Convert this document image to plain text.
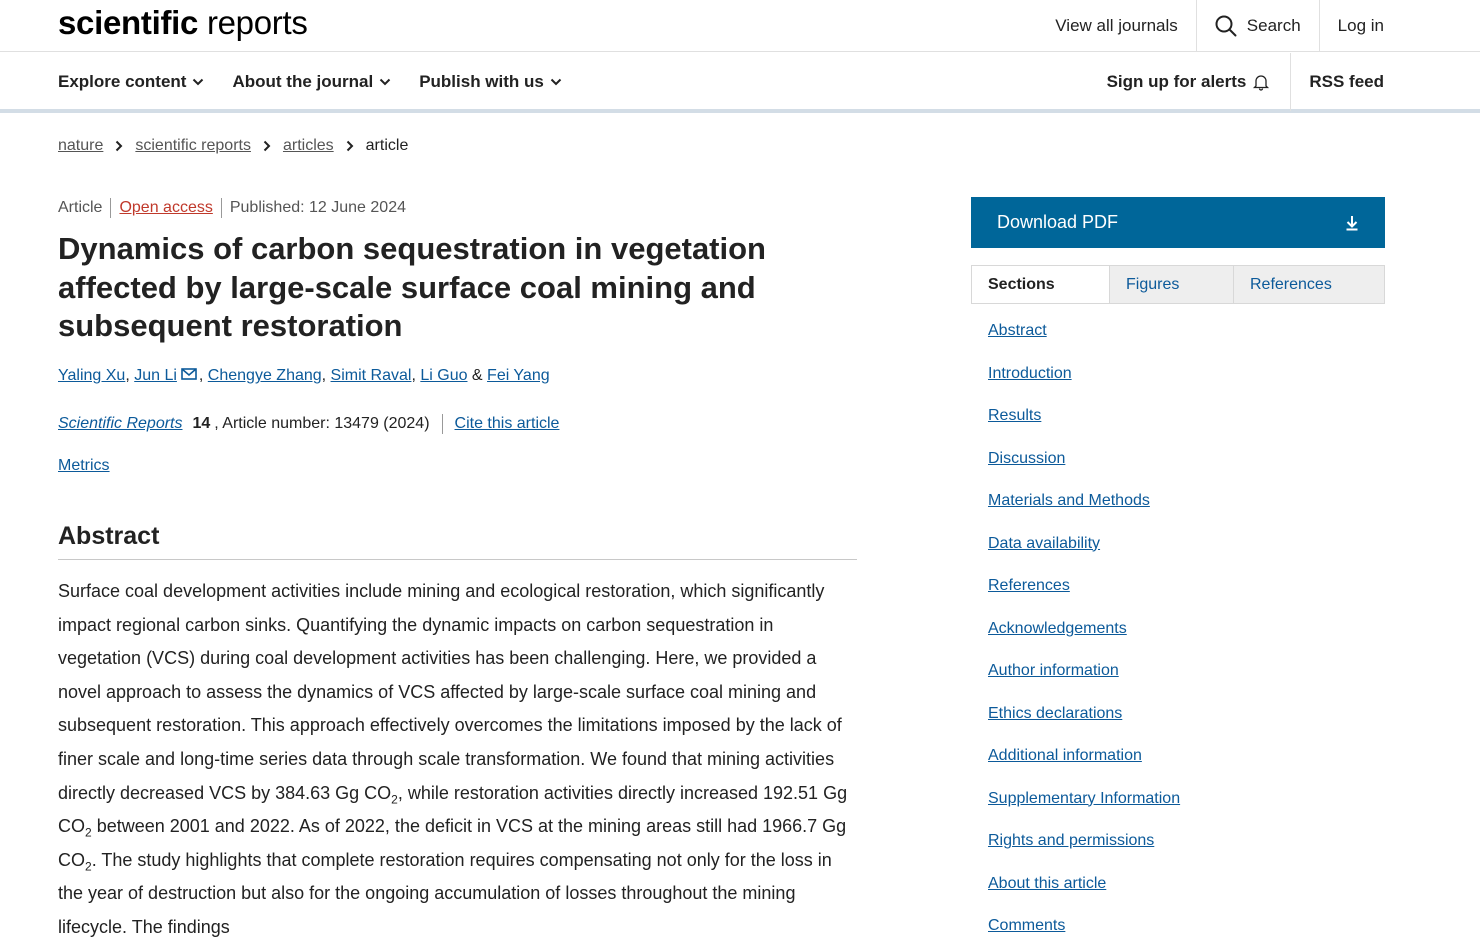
scientific reports	View all journals	Search	Log in
Explore content	About the journal	Publish with us	Sign up for alerts	RSS feed
nature scientific reports articles article
Article Open access Published: 12 June 2024
Dynamics of carbon sequestration in vegetation affected by large-scale surface coal mining and subsequent restoration
Yaling Xu, Jun Li , Chengye Zhang, Simit Raval, Li Guo & Fei Yang
Scientific Reports 14 , Article number: 13479 (2024) Cite this article
Metrics
Abstract

Surface coal development activities include mining and ecological restoration, which significantly impact regional carbon sinks. Quantifying the dynamic impacts on carbon sequestration in vegetation (VCS) during coal development activities has been challenging. Here, we provided a novel approach to assess the dynamics of VCS affected by large-scale surface coal mining and subsequent restoration. This approach effectively overcomes the limitations imposed by the lack of finer scale and long-time series data through scale transformation. We found that mining activities directly decreased VCS by 384.63 Gg $CO_2$, while restoration activities directly increased 192.51 Gg $CO_2$ between 2001 and 2022. As of 2022, the deficit in VCS at the mining areas still had 1966.7 Gg $CO_2$. The study highlights that complete restoration requires compensating not only for the loss in the year of destruction but also for the ongoing accumulation of losses throughout the mining lifecycle. The findings

Download PDF
Sections	Figures	References
Abstract
Introduction
Results
Discussion
Materials and Methods
Data availability
References
Acknowledgements
Author information
Ethics declarations
Additional information
Supplementary Information
Rights and permissions
About this article
Comments
